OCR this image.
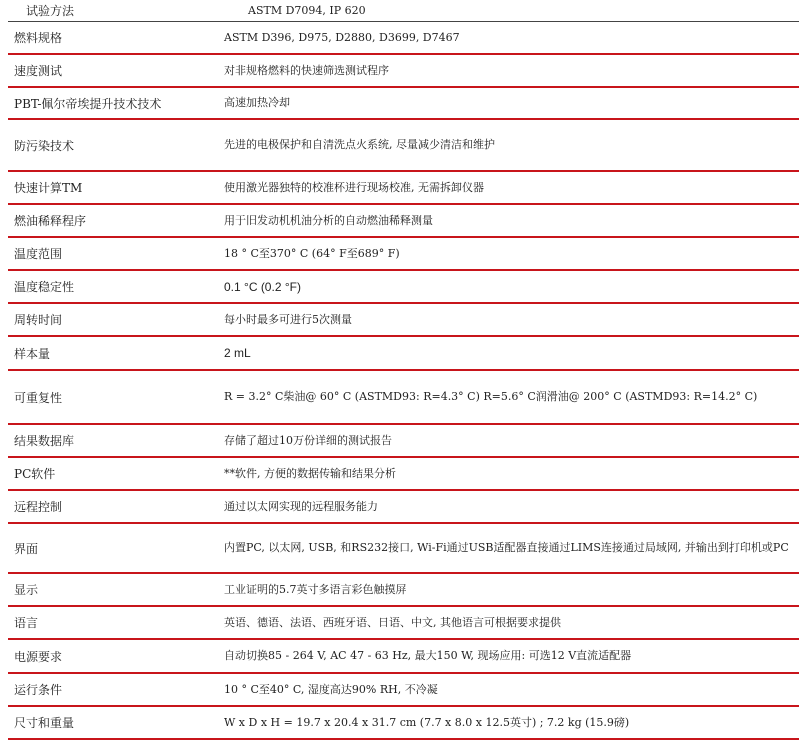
试验方法	ASTM D7094, IP 620
燃料规格	ASTM D396, D975, D2880, D3699, D7467
速度测试	对非规格燃料的快速筛选测试程序
PBT-佩尔帝埃提升技术技术	高速加热冷却
防污染技术	先进的电极保护和自清洗点火系统, 尽量减少清洁和维护
快速计算TM	使用激光器独特的校准杯进行现场校准, 无需拆卸仪器
燃油稀释程序	用于旧发动机机油分析的自动燃油稀释测量
温度范围	18 ° C至370° C (64° F至689° F)
温度稳定性	0.1 °C (0.2 °F)
周转时间	每小时最多可进行5次测量
样本量	2 mL
可重复性	R = 3.2° C柴油@ 60° C (ASTMD93: R=4.3° C) R=5.6° C润滑油@ 200° C (ASTMD93: R=14.2° C)
结果数据库	存储了超过10万份详细的测试报告
PC软件	**软件, 方便的数据传输和结果分析
远程控制	通过以太网实现的远程服务能力
界面	内置PC, 以太网, USB, 和RS232接口, Wi-Fi通过USB适配器直接通过LIMS连接通过局域网, 并输出到打印机或PC
显示	工业证明的5.7英寸多语言彩色触摸屏
语言	英语、德语、法语、西班牙语、日语、中文, 其他语言可根据要求提供
电源要求	自动切换85 - 264 V, AC 47 - 63 Hz, 最大150 W, 现场应用: 可选12 V直流适配器
运行条件	10 ° C至40° C, 湿度高达90% RH, 不冷凝
尺寸和重量	W x D x H = 19.7 x 20.4 x 31.7 cm (7.7 x 8.0 x 12.5英寸) ; 7.2 kg (15.9磅)
